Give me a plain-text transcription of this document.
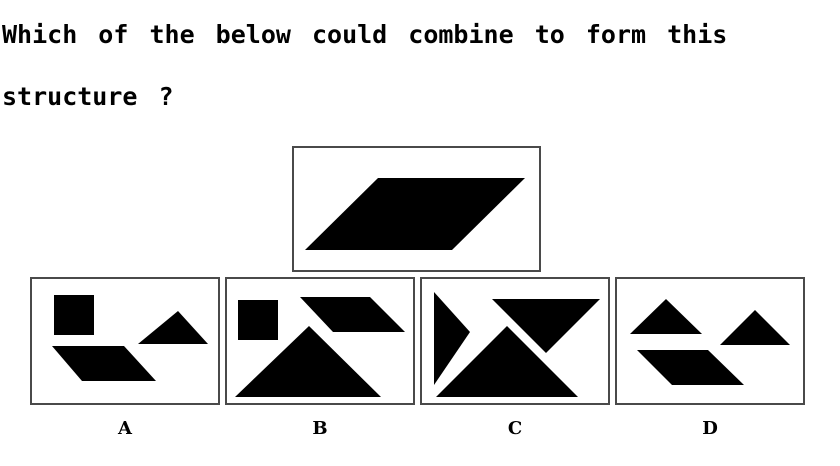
Which of the below could combine to form this structure ?

A	B	C	D
